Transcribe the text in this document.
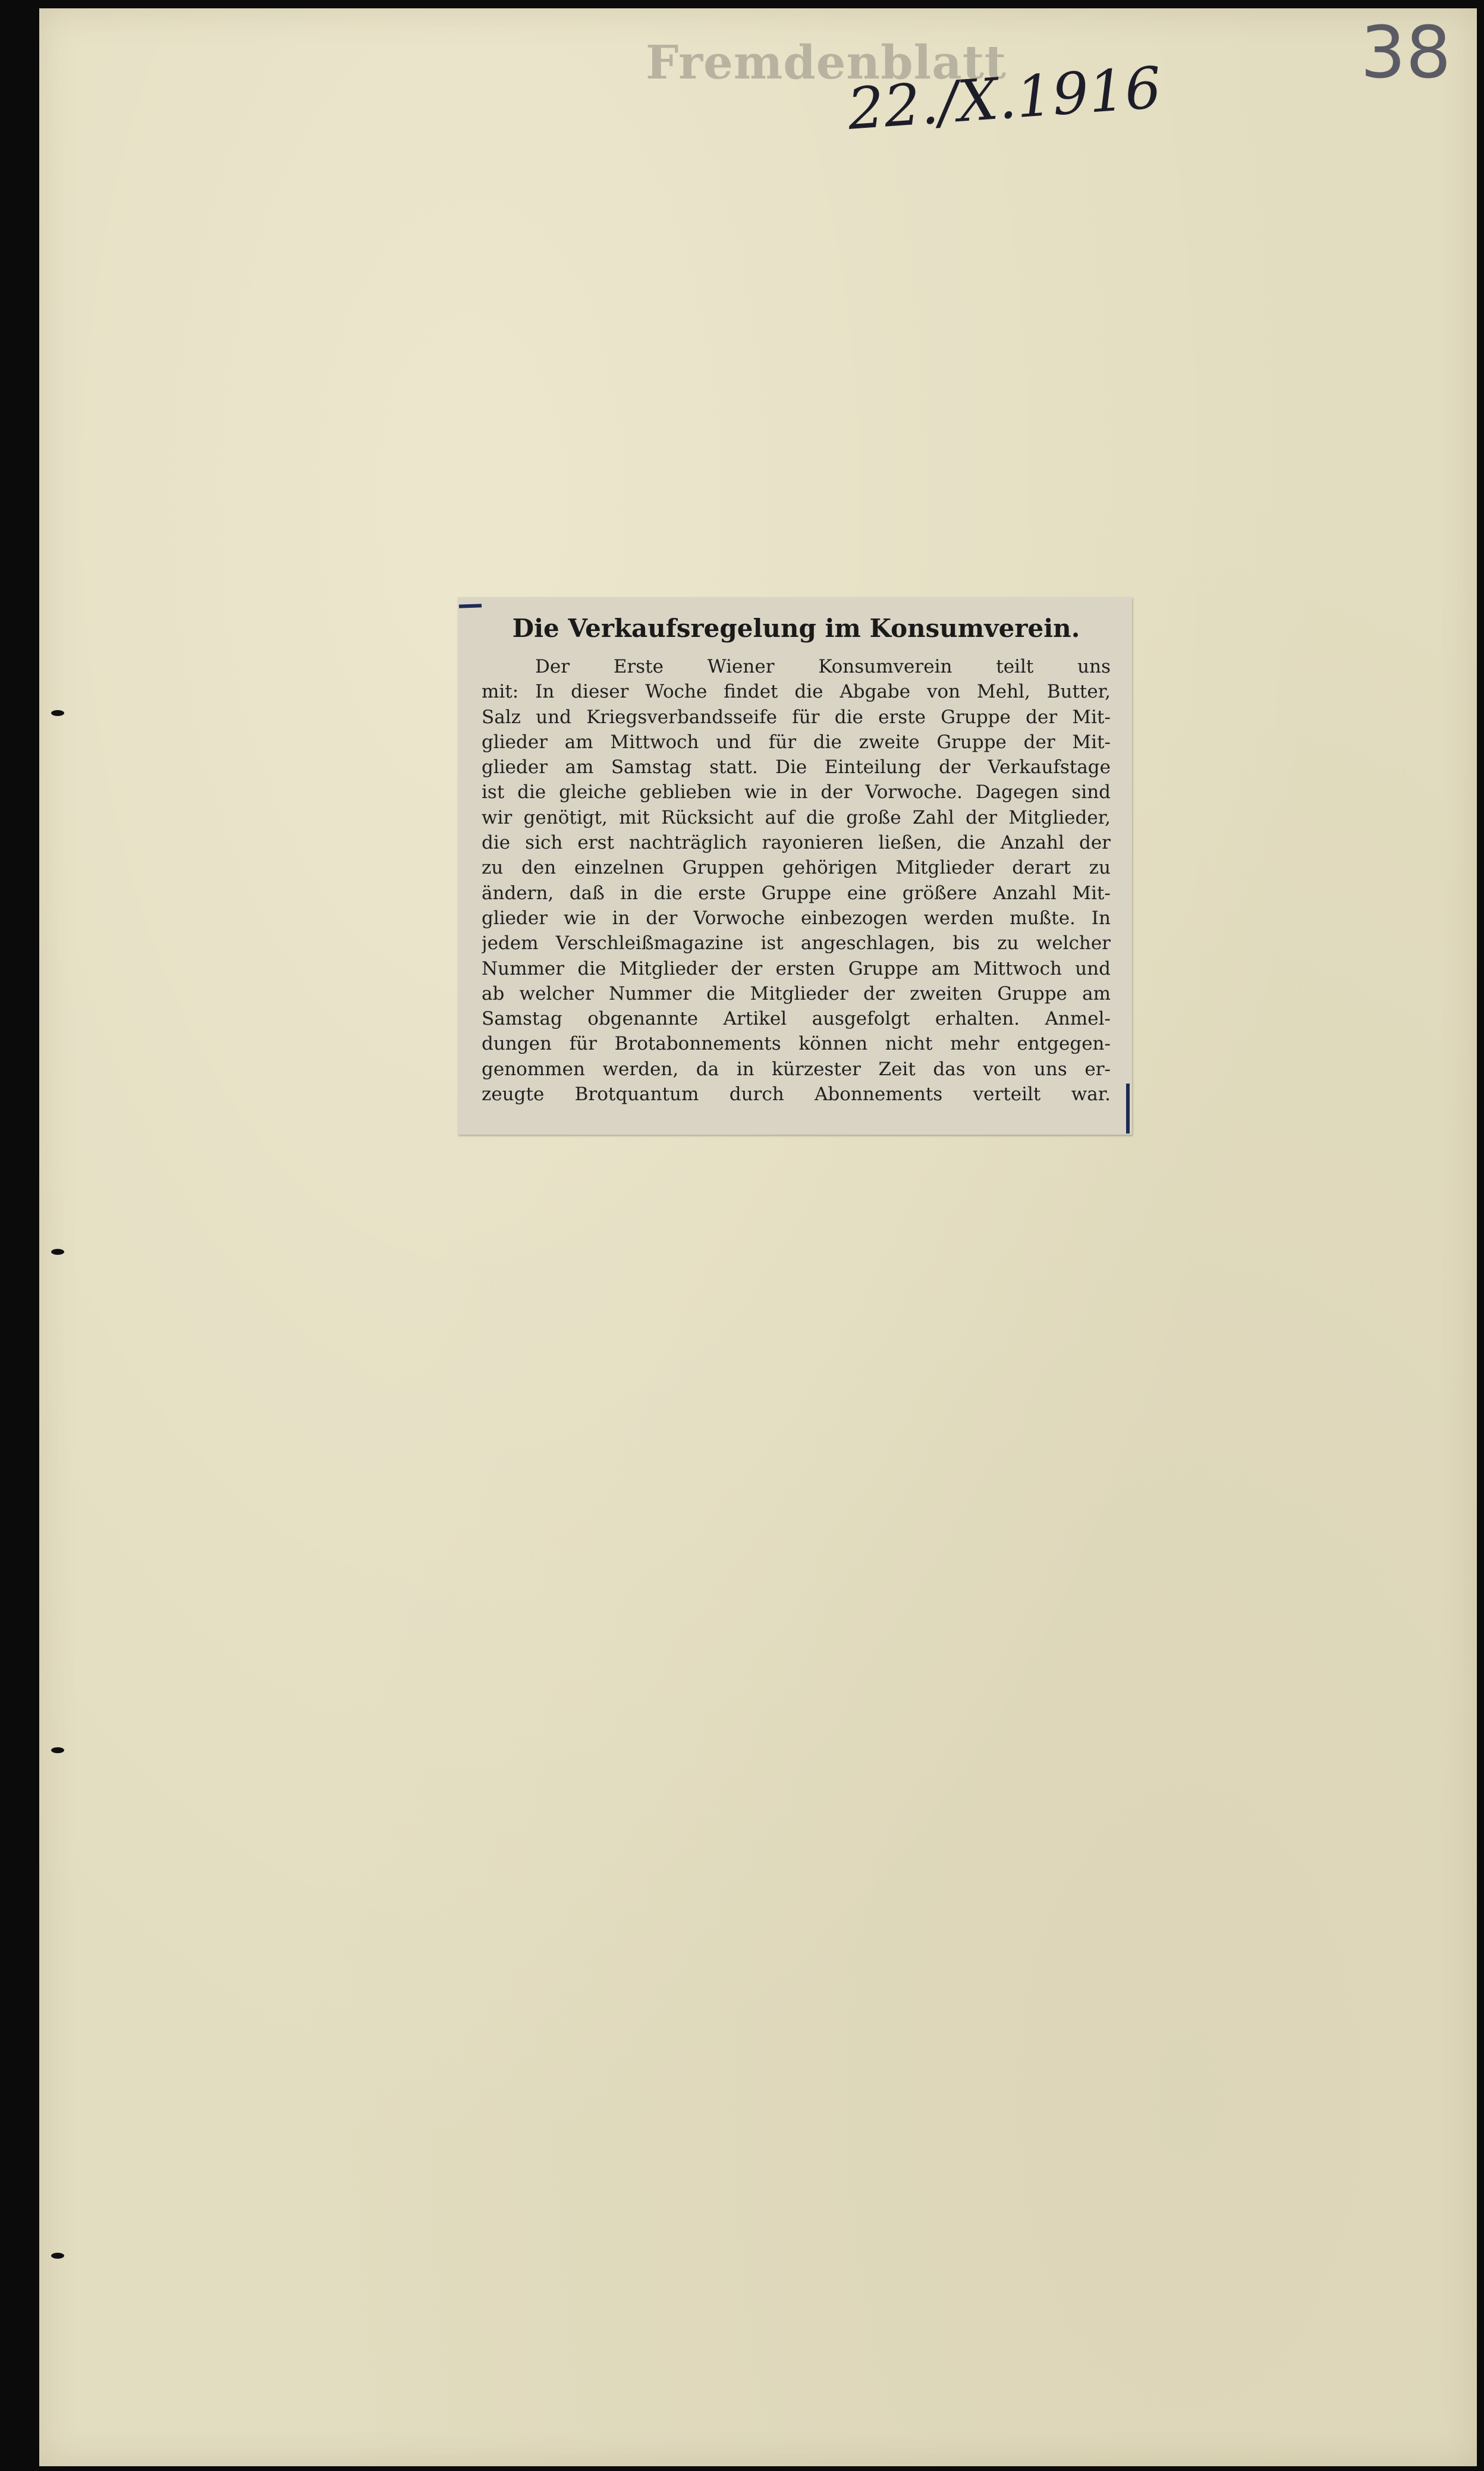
Fremdenblatt
22./X.1916
38
Die Verkaufsregelung im Konsumverein.
Der Erste Wiener Konsumverein teilt uns
mit: In dieser Woche findet die Abgabe von Mehl, Butter,
Salz und Kriegsverbandsseife für die erste Gruppe der Mit-
glieder am Mittwoch und für die zweite Gruppe der Mit-
glieder am Samstag statt. Die Einteilung der Verkaufstage
ist die gleiche geblieben wie in der Vorwoche. Dagegen sind
wir genötigt, mit Rücksicht auf die große Zahl der Mitglieder,
die sich erst nachträglich rayonieren ließen, die Anzahl der
zu den einzelnen Gruppen gehörigen Mitglieder derart zu
ändern, daß in die erste Gruppe eine größere Anzahl Mit-
glieder wie in der Vorwoche einbezogen werden mußte. In
jedem Verschleißmagazine ist angeschlagen, bis zu welcher
Nummer die Mitglieder der ersten Gruppe am Mittwoch und
ab welcher Nummer die Mitglieder der zweiten Gruppe am
Samstag obgenannte Artikel ausgefolgt erhalten. Anmel-
dungen für Brotabonnements können nicht mehr entgegen-
genommen werden, da in kürzester Zeit das von uns er-
zeugte Brotquantum durch Abonnements verteilt war.
